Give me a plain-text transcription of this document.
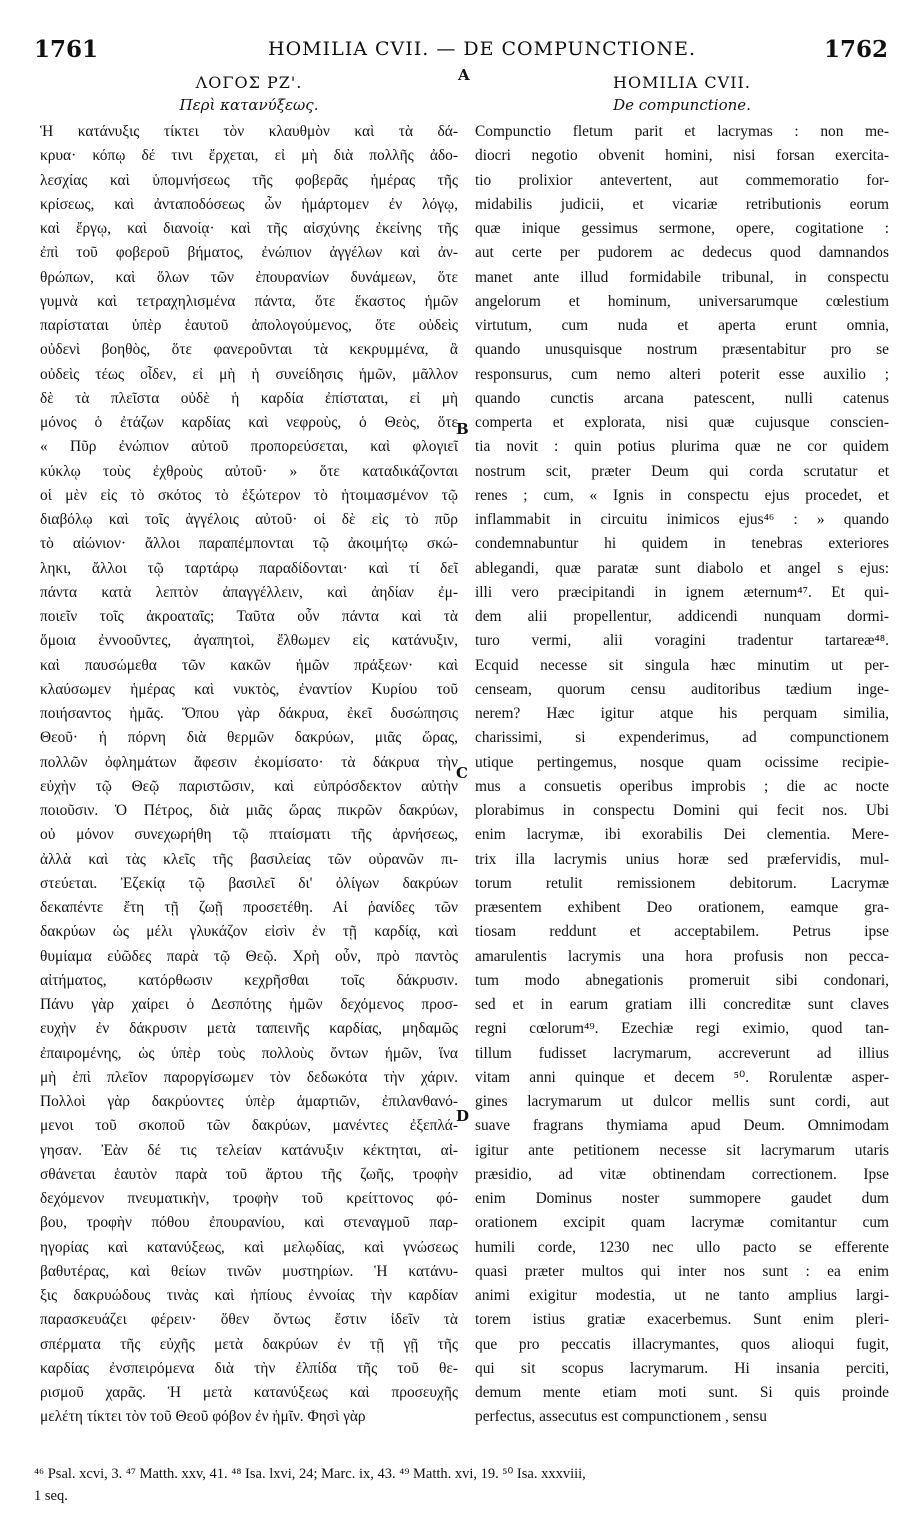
1761	HOMILIA CVII. — DE COMPUNCTIONE.	1762
A
B
C
D
ΛΟΓΟΣ ΡΖ'.
Περὶ κατανύξεως.
Ἡ κατάνυξις τίκτει τὸν κλαυθμὸν καὶ τὰ δά-
κρυα· κόπῳ δέ τινι ἔρχεται, εἰ μὴ διὰ πολλῆς ἀδο-
λεσχίας καὶ ὑπομνήσεως τῆς φοβερᾶς ἡμέρας τῆς
κρίσεως, καὶ ἀνταποδόσεως ὧν ἡμάρτομεν ἐν λόγῳ,
καὶ ἔργῳ, καὶ διανοίᾳ· καὶ τῆς αἰσχύνης ἐκείνης τῆς
ἐπὶ τοῦ φοβεροῦ βήματος, ἐνώπιον ἀγγέλων καὶ ἀν-
θρώπων, καὶ ὅλων τῶν ἐπουρανίων δυνάμεων, ὅτε
γυμνὰ καὶ τετραχηλισμένα πάντα, ὅτε ἕκαστος ἡμῶν
παρίσταται ὑπὲρ ἑαυτοῦ ἀπολογούμενος, ὅτε οὐδεὶς
οὐδενὶ βοηθὸς, ὅτε φανεροῦνται τὰ κεκρυμμένα, ἃ
οὐδεὶς τέως οἶδεν, εἰ μὴ ἡ συνείδησις ἡμῶν, μᾶλλον
δὲ τὰ πλεῖστα οὐδὲ ἡ καρδία ἐπίσταται, εἰ μὴ
μόνος ὁ ἐτάζων καρδίας καὶ νεφροὺς, ὁ Θεὸς, ὅτε
« Πῦρ ἐνώπιον αὐτοῦ προπορεύσεται, καὶ φλογιεῖ
κύκλῳ τοὺς ἐχθροὺς αὐτοῦ· » ὅτε καταδικάζονται
οἱ μὲν εἰς τὸ σκότος τὸ ἐξώτερον τὸ ἡτοιμασμένον τῷ
διαβόλῳ καὶ τοῖς ἀγγέλοις αὐτοῦ· οἱ δὲ εἰς τὸ πῦρ
τὸ αἰώνιον· ἄλλοι παραπέμπονται τῷ ἀκοιμήτῳ σκώ-
ληκι, ἄλλοι τῷ ταρτάρῳ παραδίδονται· καὶ τί δεῖ
πάντα κατὰ λεπτὸν ἀπαγγέλλειν, καὶ ἀηδίαν ἐμ-
ποιεῖν τοῖς ἀκροαταῖς; Ταῦτα οὖν πάντα καὶ τὰ
ὅμοια ἐννοοῦντες, ἀγαπητοὶ, ἔλθωμεν εἰς κατάνυξιν,
καὶ παυσώμεθα τῶν κακῶν ἡμῶν πράξεων· καὶ
κλαύσωμεν ἡμέρας καὶ νυκτὸς, ἐναντίον Κυρίου τοῦ
ποιήσαντος ἡμᾶς. Ὅπου γὰρ δάκρυα, ἐκεῖ δυσώπησις
Θεοῦ· ἡ πόρνη διὰ θερμῶν δακρύων, μιᾶς ὥρας,
πολλῶν ὀφλημάτων ἄφεσιν ἐκομίσατο· τὰ δάκρυα τὴν
εὐχὴν τῷ Θεῷ παριστῶσιν, καὶ εὐπρόσδεκτον αὐτὴν
ποιοῦσιν. Ὁ Πέτρος, διὰ μιᾶς ὥρας πικρῶν δακρύων,
οὐ μόνον συνεχωρήθη τῷ πταίσματι τῆς ἀρνήσεως,
ἀλλὰ καὶ τὰς κλεῖς τῆς βασιλείας τῶν οὐρανῶν πι-
στεύεται. Ἐζεκίᾳ τῷ βασιλεῖ δι' ὀλίγων δακρύων
δεκαπέντε ἔτη τῇ ζωῇ προσετέθη. Αἱ ῥανίδες τῶν
δακρύων ὡς μέλι γλυκάζον εἰσὶν ἐν τῇ καρδίᾳ, καὶ
θυμίαμα εὐῶδες παρὰ τῷ Θεῷ. Χρὴ οὖν, πρὸ παντὸς
αἰτήματος, κατόρθωσιν κεχρῆσθαι τοῖς δάκρυσιν.
Πάνυ γὰρ χαίρει ὁ Δεσπότης ἡμῶν δεχόμενος προσ-
ευχὴν ἐν δάκρυσιν μετὰ ταπεινῆς καρδίας, μηδαμῶς
ἐπαιρομένης, ὡς ὑπὲρ τοὺς πολλοὺς ὄντων ἡμῶν, ἵνα
μὴ ἐπὶ πλεῖον παροργίσωμεν τὸν δεδωκότα τὴν χάριν.
Πολλοὶ γὰρ δακρύοντες ὑπὲρ ἁμαρτιῶν, ἐπιλανθανό-
μενοι τοῦ σκοποῦ τῶν δακρύων, μανέντες ἐξεπλά-
γησαν. Ἐὰν δέ τις τελείαν κατάνυξιν κέκτηται, αἰ-
σθάνεται ἑαυτὸν παρὰ τοῦ ἄρτου τῆς ζωῆς, τροφὴν
δεχόμενον πνευματικὴν, τροφὴν τοῦ κρείττονος φό-
βου, τροφὴν πόθου ἐπουρανίου, καὶ στεναγμοῦ παρ-
ηγορίας καὶ κατανύξεως, καὶ μελῳδίας, καὶ γνώσεως
βαθυτέρας, καὶ θείων τινῶν μυστηρίων. Ἡ κατάνυ-
ξις δακρυώδους τινὰς καὶ ἠπίους ἐννοίας τὴν καρδίαν
παρασκευάζει φέρειν· ὅθεν ὄντως ἔστιν ἰδεῖν τὰ
σπέρματα τῆς εὐχῆς μετὰ δακρύων ἐν τῇ γῇ τῆς
καρδίας ἐνσπειρόμενα διὰ τὴν ἐλπίδα τῆς τοῦ θε-
ρισμοῦ χαρᾶς. Ἡ μετὰ κατανύξεως καὶ προσευχῆς
μελέτη τίκτει τὸν τοῦ Θεοῦ φόβον ἐν ἡμῖν. Φησὶ γὰρ
HOMILIA CVII.
De compunctione.
Compunctio fletum parit et lacrymas : non me-
diocri negotio obvenit homini, nisi forsan exercita-
tio prolixior antevertent, aut commemoratio for-
midabilis judicii, et vicariæ retributionis eorum
quæ inique gessimus sermone, opere, cogitatione :
aut certe per pudorem ac dedecus quod damnandos
manet ante illud formidabile tribunal, in conspectu
angelorum et hominum, universarumque cœlestium
virtutum, cum nuda et aperta erunt omnia,
quando unusquisque nostrum præsentabitur pro se
responsurus, cum nemo alteri poterit esse auxilio ;
quando cunctis arcana patescent, nulli catenus
comperta et explorata, nisi quæ cujusque conscien-
tia novit : quin potius plurima quæ ne cor quidem
nostrum scit, præter Deum qui corda scrutatur et
renes ; cum, « Ignis in conspectu ejus procedet, et
inflammabit in circuitu inimicos ejus⁴⁶ : » quando
condemnabuntur hi quidem in tenebras exteriores
ablegandi, quæ paratæ sunt diabolo et angel s ejus:
illi vero præcipitandi in ignem æternum⁴⁷. Et qui-
dem alii propellentur, addicendi nunquam dormi-
turo vermi, alii voragini tradentur tartareæ⁴⁸.
Ecquid necesse sit singula hæc minutim ut per-
censeam, quorum censu auditoribus tædium inge-
nerem? Hæc igitur atque his perquam similia,
charissimi, si expenderimus, ad compunctionem
utique pertingemus, nosque quam ocissime recipie-
mus a consuetis operibus improbis ; die ac nocte
plorabimus in conspectu Domini qui fecit nos. Ubi
enim lacrymæ, ibi exorabilis Dei clementia. Mere-
trix illa lacrymis unius horæ sed præfervidis, mul-
torum retulit remissionem debitorum. Lacrymæ
præsentem exhibent Deo orationem, eamque gra-
tiosam reddunt et acceptabilem. Petrus ipse
amarulentis lacrymis una hora profusis non pecca-
tum modo abnegationis promeruit sibi condonari,
sed et in earum gratiam illi concreditæ sunt claves
regni cœlorum⁴⁹. Ezechiæ regi eximio, quod tan-
tillum fudisset lacrymarum, accreverunt ad illius
vitam anni quinque et decem ⁵⁰. Rorulentæ asper-
gines lacrymarum ut dulcor mellis sunt cordi, aut
suave fragrans thymiama apud Deum. Omnimodam
igitur ante petitionem necesse sit lacrymarum utaris
præsidio, ad vitæ obtinendam correctionem. Ipse
enim Dominus noster summopere gaudet dum
orationem excipit quam lacrymæ comitantur cum
humili corde, 1230 nec ullo pacto se efferente
quasi præter multos qui inter nos sunt : ea enim
animi exigitur modestia, ut ne tanto amplius largi-
torem istius gratiæ exacerbemus. Sunt enim pleri-
que pro peccatis illacrymantes, quos alioqui fugit,
qui sit scopus lacrymarum. Hi insania perciti,
demum mente etiam moti sunt. Si quis proinde
perfectus, assecutus est compunctionem , sensu
⁴⁶ Psal. xcvi, 3. ⁴⁷ Matth. xxv, 41. ⁴⁸ Isa. lxvi, 24; Marc. ix, 43. ⁴⁹ Matth. xvi, 19. ⁵⁰ Isa. xxxviii,
1 seq.
